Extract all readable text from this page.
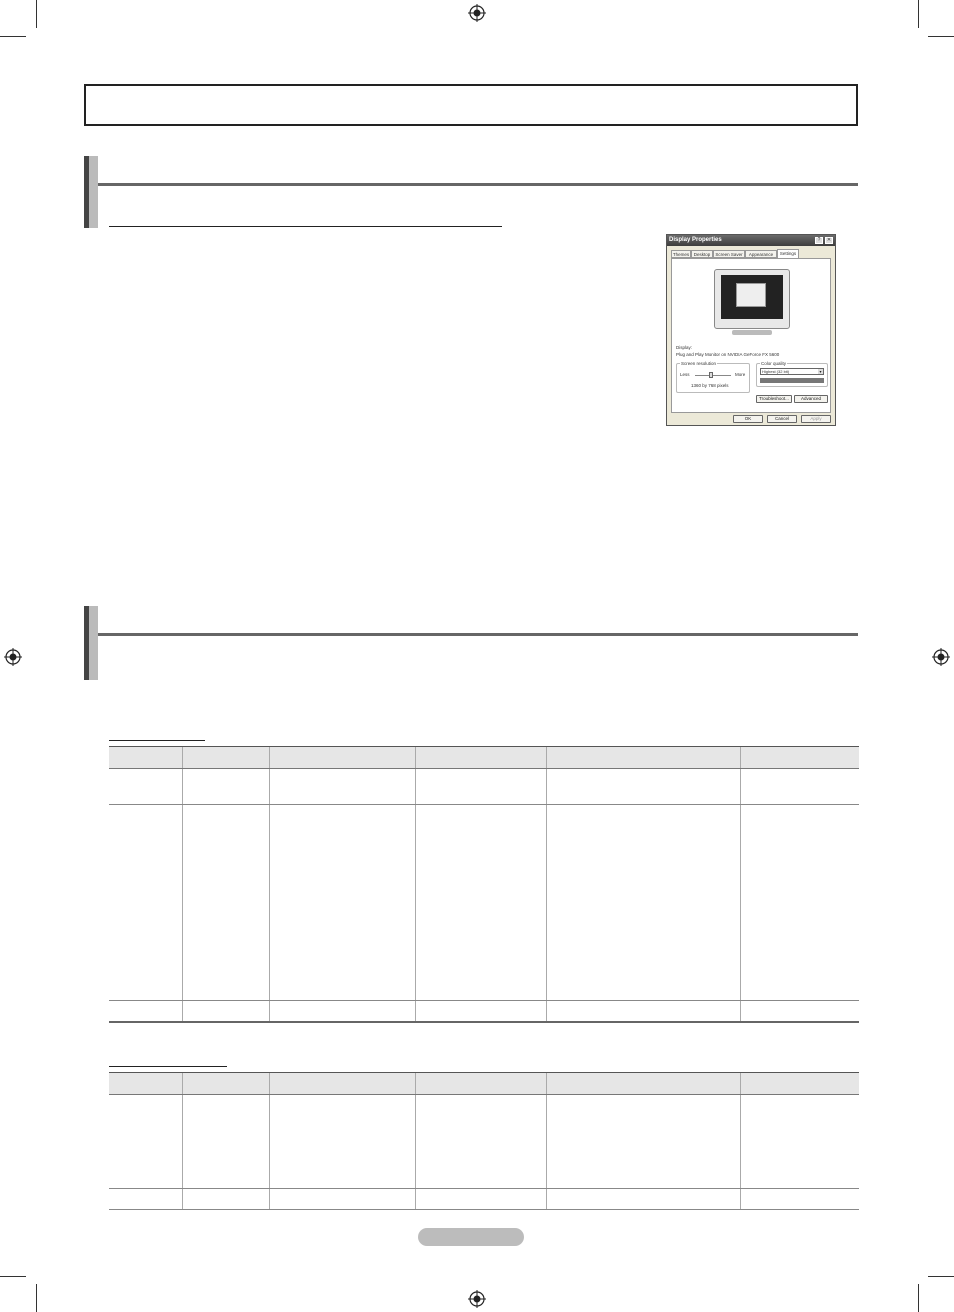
Display Properties	?	✕
Themes	Desktop	Screen Saver	Appearance	Settings
Display:
Plug and Play Monitor on NVIDIA GeForce FX 5600
Screen resolution
Less	More
1360 by 768 pixels
Color quality
Highest (32 bit)	▾
Troubleshoot...	Advanced
OK	Cancel	Apply
